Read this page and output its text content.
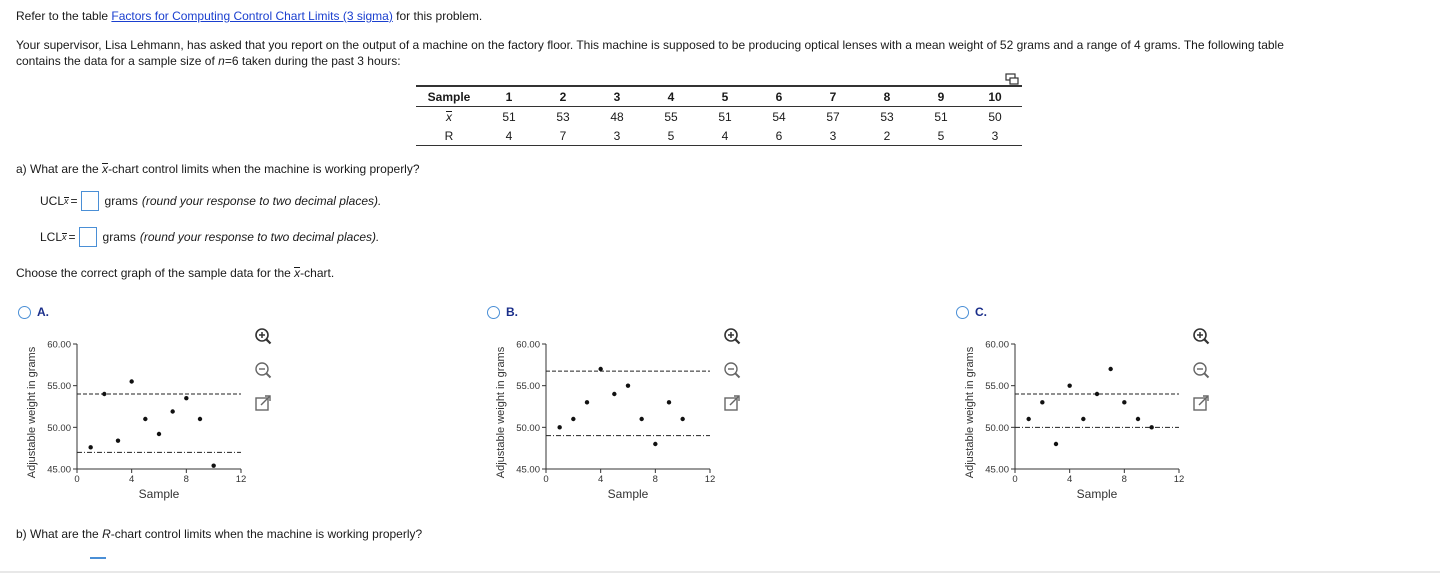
Refer to the table Factors for Computing Control Chart Limits (3 sigma) for this problem.
Your supervisor, Lisa Lehmann, has asked that you report on the output of a machine on the factory floor. This machine is supposed to be producing optical lenses with a mean weight of 52 grams and a range of 4 grams. The following table
contains the data for a sample size of n=6 taken during the past 3 hours:
Sample	1	2	3	4	5	6	7	8	9	10
x	51	53	48	55	51	54	57	53	51	50
R	4	7	3	5	4	6	3	2	5	3
a) What are the x-chart control limits when the machine is working properly?
UCL x = grams (round your response to two decimal places).
LCL x = grams (round your response to two decimal places).
Choose the correct graph of the sample data for the x-chart.
A.	B.	C.
45.00
50.00
55.00
60.00
0	4	8	12
Sample
Adjustable weight in grams	45.00
50.00
55.00
60.00
0	4	8	12
Sample
Adjustable weight in grams	45.00
50.00
55.00
60.00
0	4	8	12
Sample
Adjustable weight in grams
b) What are the R-chart control limits when the machine is working properly?
